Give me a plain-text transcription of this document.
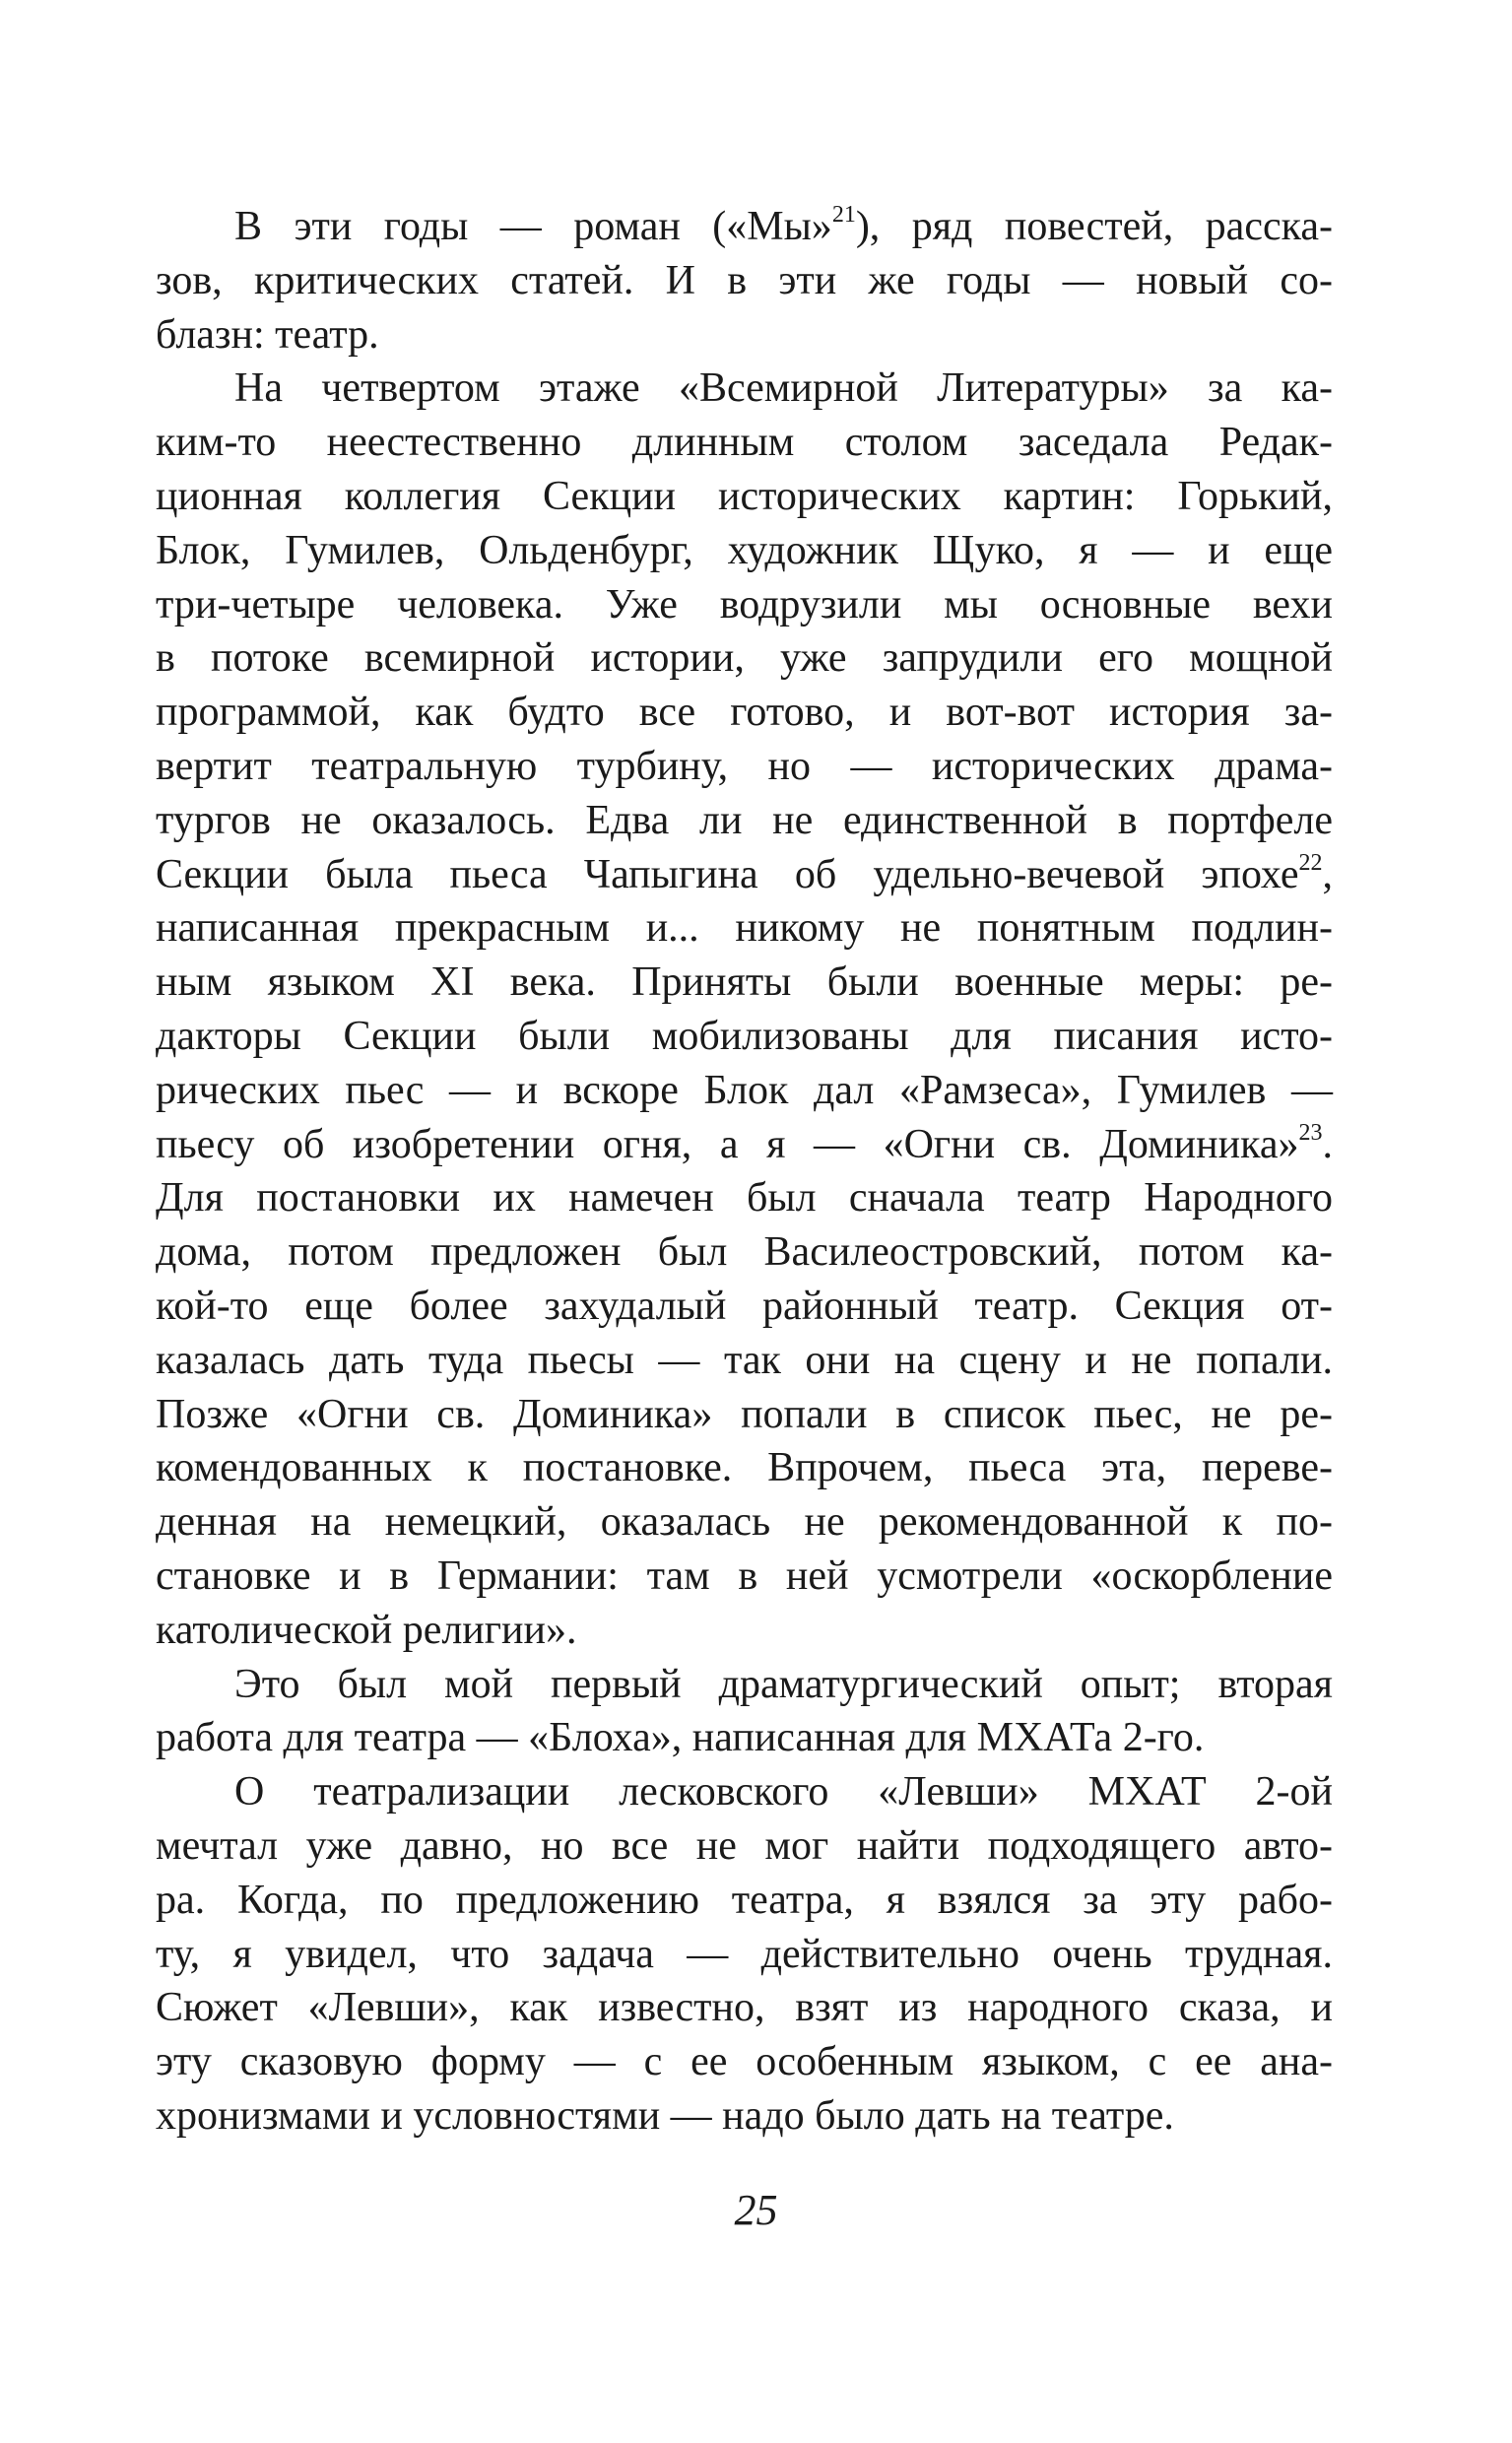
В эти годы — роман («Мы»$^{21}$), ряд повестей, расска-
зов, критических статей. И в эти же годы — новый со-
блазн: театр.

На четвертом этаже «Всемирной Литературы» за ка-
ким-то неестественно длинным столом заседала Редак-
ционная коллегия Секции исторических картин: Горький,
Блок, Гумилев, Ольденбург, художник Щуко, я — и еще
три-четыре человека. Уже водрузили мы основные вехи
в потоке всемирной истории, уже запрудили его мощной
программой, как будто все готово, и вот-вот история за-
вертит театральную турбину, но — исторических драма-
тургов не оказалось. Едва ли не единственной в портфеле
Секции была пьеса Чапыгина об удельно-вечевой эпохе$^{22}$,
написанная прекрасным и... никому не понятным подлин-
ным языком XI века. Приняты были военные меры: ре-
дакторы Секции были мобилизованы для писания исто-
рических пьес — и вскоре Блок дал «Рамзеса», Гумилев —
пьесу об изобретении огня, а я — «Огни св. Доминика»$^{23}$.
Для постановки их намечен был сначала театр Народного
дома, потом предложен был Василеостровский, потом ка-
кой-то еще более захудалый районный театр. Секция от-
казалась дать туда пьесы — так они на сцену и не попали.
Позже «Огни св. Доминика» попали в список пьес, не ре-
комендованных к постановке. Впрочем, пьеса эта, переве-
денная на немецкий, оказалась не рекомендованной к по-
становке и в Германии: там в ней усмотрели «оскорбление
католической религии».

Это был мой первый драматургический опыт; вторая
работа для театра — «Блоха», написанная для МХАТа 2-го.

О театрализации лесковского «Левши» МХАТ 2-ой
мечтал уже давно, но все не мог найти подходящего авто-
ра. Когда, по предложению театра, я взялся за эту рабо-
ту, я увидел, что задача — действительно очень трудная.
Сюжет «Левши», как известно, взят из народного сказа, и
эту сказовую форму — с ее особенным языком, с ее ана-
хронизмами и условностями — надо было дать на театре.

25
